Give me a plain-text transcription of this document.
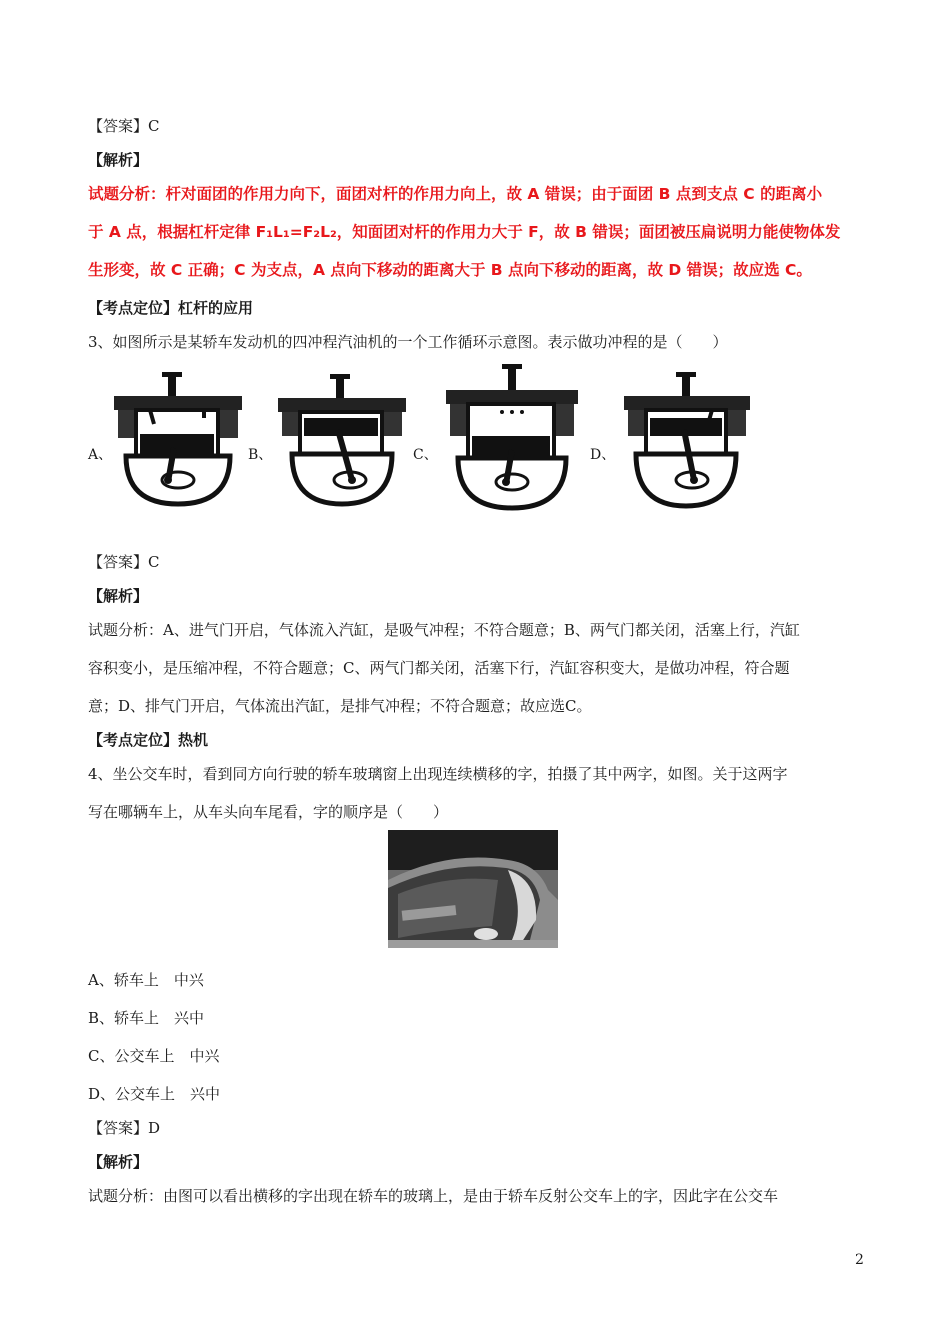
【答案】C
【解析】
试题分析：杆对面团的作用力向下，面团对杆的作用力向上，故 A 错误；由于面团 B 点到支点 C 的距离小
于 A 点，根据杠杆定律 F₁L₁=F₂L₂，知面团对杆的作用力大于 F，故 B 错误；面团被压扁说明力能使物体发
生形变，故 C 正确；C 为支点，A 点向下移动的距离大于 B 点向下移动的距离，故 D 错误；故应选 C。
【考点定位】杠杆的应用
3、如图所示是某轿车发动机的四冲程汽油机的一个工作循环示意图。表示做功冲程的是（　　）
A、	B、	C、	D、
【答案】C
【解析】
试题分析：A、进气门开启，气体流入汽缸，是吸气冲程；不符合题意；B、两气门都关闭，活塞上行，汽缸
容积变小，是压缩冲程，不符合题意；C、两气门都关闭，活塞下行，汽缸容积变大，是做功冲程，符合题
意；D、排气门开启，气体流出汽缸，是排气冲程；不符合题意；故应选C。
【考点定位】热机
4、坐公交车时，看到同方向行驶的轿车玻璃窗上出现连续横移的字，拍摄了其中两字，如图。关于这两字
写在哪辆车上，从车头向车尾看，字的顺序是（　　）
A、轿车上　中兴
B、轿车上　兴中
C、公交车上　中兴
D、公交车上　兴中
【答案】D
【解析】
试题分析：由图可以看出横移的字出现在轿车的玻璃上，是由于轿车反射公交车上的字，因此字在公交车
2
